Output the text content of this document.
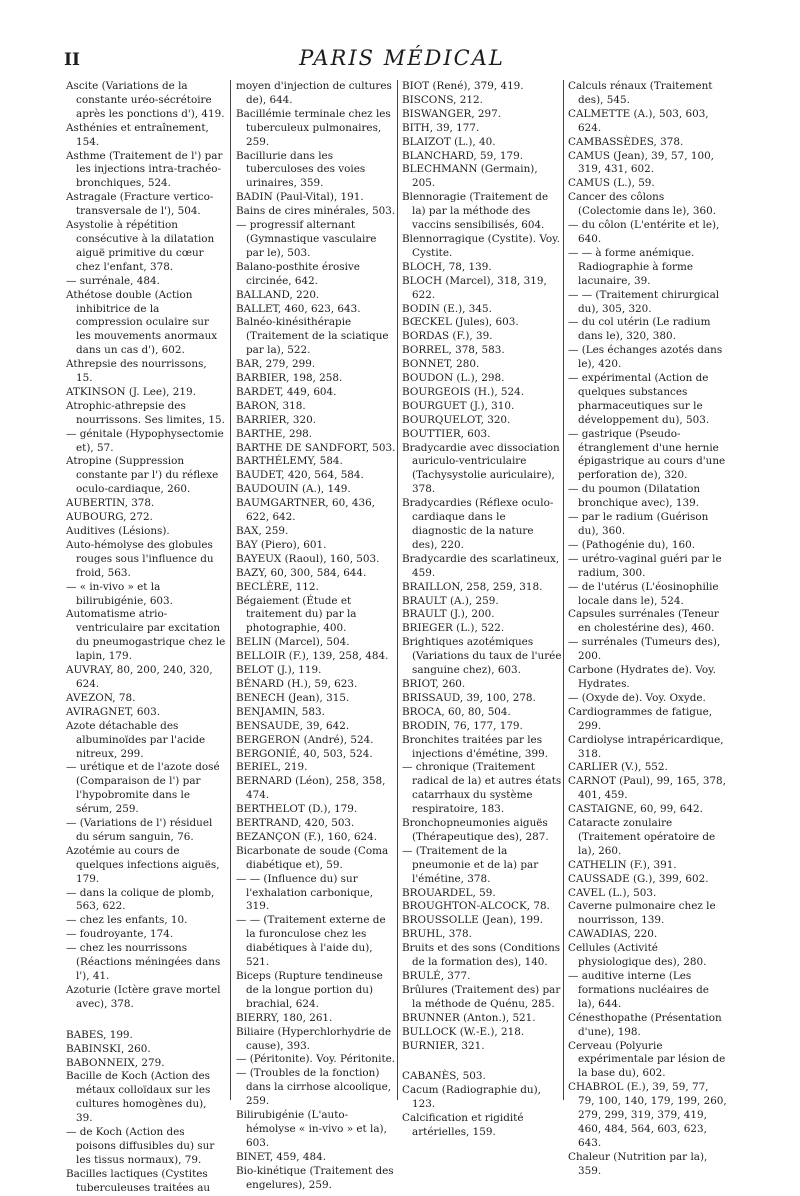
II	PARIS MÉDICAL

Ascite (Variations de la constante uréo-sécrétoire après les ponctions d'), 419.

Asthénies et entraînement, 154.

Asthme (Traitement de l') par les injections intra-trachéo-bronchiques, 524.

Astragale (Fracture vertico-transversale de l'), 504.

Asystolie à répétition consécutive à la dilatation aiguë primitive du cœur chez l'enfant, 378.

— surrénale, 484.

Athétose double (Action inhibitrice de la compression oculaire sur les mouvements anormaux dans un cas d'), 602.

Athrepsie des nourrissons, 15.

ATKINSON (J. Lee), 219.

Atrophic-athrepsie des nourrissons. Ses limites, 15.

— génitale (Hypophysectomie et), 57.

Atropine (Suppression constante par l') du réflexe oculo-cardiaque, 260.

AUBERTIN, 378.

AUBOURG, 272.

Auditives (Lésions).

Auto-hémolyse des globules rouges sous l'influence du froid, 563.

— « in-vivo » et la bilirubigénie, 603.

Automatisme atrio-ventriculaire par excitation du pneumogastrique chez le lapin, 179.

AUVRAY, 80, 200, 240, 320, 624.

AVEZON, 78.

AVIRAGNET, 603.

Azote détachable des albuminoïdes par l'acide nitreux, 299.

— urétique et de l'azote dosé (Comparaison de l') par l'hypobromite dans le sérum, 259.

— (Variations de l') résiduel du sérum sanguin, 76.

Azotémie au cours de quelques infections aiguës, 179.

— dans la colique de plomb, 563, 622.

— chez les enfants, 10.

— foudroyante, 174.

— chez les nourrissons (Réactions méningées dans l'), 41.

Azoturie (Ictère grave mortel avec), 378.

BABES, 199.

BABINSKI, 260.

BABONNEIX, 279.

Bacille de Koch (Action des métaux colloïdaux sur les cultures homogènes du), 39.

— de Koch (Action des poisons diffusibles du) sur les tissus normaux), 79.

Bacilles lactiques (Cystites tuberculeuses traitées au

moyen d'injection de cultures de), 644.

Bacillémie terminale chez les tuberculeux pulmonaires, 259.

Bacillurie dans les tuberculoses des voies urinaires, 359.

BADIN (Paul-Vital), 191.

Bains de cires minérales, 503.

— progressif alternant (Gymnastique vasculaire par le), 503.

Balano-posthite érosive circinée, 642.

BALLAND, 220.

BALLET, 460, 623, 643.

Balnéo-kinésithérapie (Traitement de la sciatique par la), 522.

BAR, 279, 299.

BARBIER, 198, 258.

BARDET, 449, 604.

BARON, 318.

BARRIER, 320.

BARTHE, 298.

BARTHE DE SANDFORT, 503.

BARTHÉLEMY, 584.

BAUDET, 420, 564, 584.

BAUDOUIN (A.), 149.

BAUMGARTNER, 60, 436, 622, 642.

BAX, 259.

BAY (Piero), 601.

BAYEUX (Raoul), 160, 503.

BAZY, 60, 300, 584, 644.

BECLÈRE, 112.

Bégaiement (Étude et traitement du) par la photographie, 400.

BELIN (Marcel), 504.

BELLOIR (F.), 139, 258, 484.

BELOT (J.), 119.

BÉNARD (H.), 59, 623.

BENECH (Jean), 315.

BENJAMIN, 583.

BENSAUDE, 39, 642.

BERGERON (André), 524.

BERGONIÉ, 40, 503, 524.

BERIEL, 219.

BERNARD (Léon), 258, 358, 474.

BERTHELOT (D.), 179.

BERTRAND, 420, 503.

BEZANÇON (F.), 160, 624.

Bicarbonate de soude (Coma diabétique et), 59.

— — (Influence du) sur l'exhalation carbonique, 319.

— — (Traitement externe de la furonculose chez les diabétiques à l'aide du), 521.

Biceps (Rupture tendineuse de la longue portion du) brachial, 624.

BIERRY, 180, 261.

Biliaire (Hyperchlorhydrie de cause), 393.

— (Péritonite). Voy. Péritonite.

— (Troubles de la fonction) dans la cirrhose alcoolique, 259.

Bilirubigénie (L'auto-hémolyse « in-vivo » et la), 603.

BINET, 459, 484.

Bio-kinétique (Traitement des engelures), 259.

BIOT (René), 379, 419.

BISCONS, 212.

BISWANGER, 297.

BITH, 39, 177.

BLAIZOT (L.), 40.

BLANCHARD, 59, 179.

BLECHMANN (Germain), 205.

Blennoragie (Traitement de la) par la méthode des vaccins sensibilisés, 604.

Blennorragique (Cystite). Voy. Cystite.

BLOCH, 78, 139.

BLOCH (Marcel), 318, 319, 622.

BODIN (E.), 345.

BŒCKEL (Jules), 603.

BORDAS (F.), 39.

BORREL, 378, 583.

BONNET, 280.

BOUDON (L.), 298.

BOURGEOIS (H.), 524.

BOURGUET (J.), 310.

BOURQUELOT, 320.

BOUTTIER, 603.

Bradycardie avec dissociation auriculo-ventriculaire (Tachysystolie auriculaire), 378.

Bradycardies (Réflexe oculo-cardiaque dans le diagnostic de la nature des), 220.

Bradycardie des scarlatineux, 459.

BRAILLON, 258, 259, 318.

BRAULT (A.), 259.

BRAULT (J.), 200.

BRIEGER (L.), 522.

Brightiques azotémiques (Variations du taux de l'urée sanguine chez), 603.

BRIOT, 260.

BRISSAUD, 39, 100, 278.

BROCA, 60, 80, 504.

BRODIN, 76, 177, 179.

Bronchites traitées par les injections d'émétine, 399.

— chronique (Traitement radical de la) et autres états catarrhaux du système respiratoire, 183.

Bronchopneumonies aiguës (Thérapeutique des), 287.

— (Traitement de la pneumonie et de la) par l'émétine, 378.

BROUARDEL, 59.

BROUGHTON-ALCOCK, 78.

BROUSSOLLE (Jean), 199.

BRUHL, 378.

Bruits et des sons (Conditions de la formation des), 140.

BRULÉ, 377.

Brûlures (Traitement des) par la méthode de Quénu, 285.

BRUNNER (Anton.), 521.

BULLOCK (W.-E.), 218.

BURNIER, 321.

CABANÈS, 503.

Cacum (Radiographie du), 123.

Calcification et rigidité artérielles, 159.

Calculs rénaux (Traitement des), 545.

CALMETTE (A.), 503, 603, 624.

CAMBASSÈDES, 378.

CAMUS (Jean), 39, 57, 100, 319, 431, 602.

CAMUS (L.), 59.

Cancer des côlons (Colectomie dans le), 360.

— du côlon (L'entérite et le), 640.

— — à forme anémique. Radiographie à forme lacunaire, 39.

— — (Traitement chirurgical du), 305, 320.

— du col utérin (Le radium dans le), 320, 380.

— (Les échanges azotés dans le), 420.

— expérimental (Action de quelques substances pharmaceutiques sur le développement du), 503.

— gastrique (Pseudo-étranglement d'une hernie épigastrique au cours d'une perforation de), 320.

— du poumon (Dilatation bronchique avec), 139.

— par le radium (Guérison du), 360.

— (Pathogénie du), 160.

— urétro-vaginal guéri par le radium, 300.

— de l'utérus (L'éosinophilie locale dans le), 524.

Capsules surrénales (Teneur en cholestérine des), 460.

— surrénales (Tumeurs des), 200.

Carbone (Hydrates de). Voy. Hydrates.

— (Oxyde de). Voy. Oxyde.

Cardiogrammes de fatigue, 299.

Cardiolyse intrapéricardique, 318.

CARLIER (V.), 552.

CARNOT (Paul), 99, 165, 378, 401, 459.

CASTAIGNE, 60, 99, 642.

Cataracte zonulaire (Traitement opératoire de la), 260.

CATHELIN (F.), 391.

CAUSSADE (G.), 399, 602.

CAVEL (L.), 503.

Caverne pulmonaire chez le nourrisson, 139.

CAWADIAS, 220.

Cellules (Activité physiologique des), 280.

— auditive interne (Les formations nucléaires de la), 644.

Cénesthopathe (Présentation d'une), 198.

Cerveau (Polyurie expérimentale par lésion de la base du), 602.

CHABROL (E.), 39, 59, 77, 79, 100, 140, 179, 199, 260, 279, 299, 319, 379, 419, 460, 484, 564, 603, 623, 643.

Chaleur (Nutrition par la), 359.
